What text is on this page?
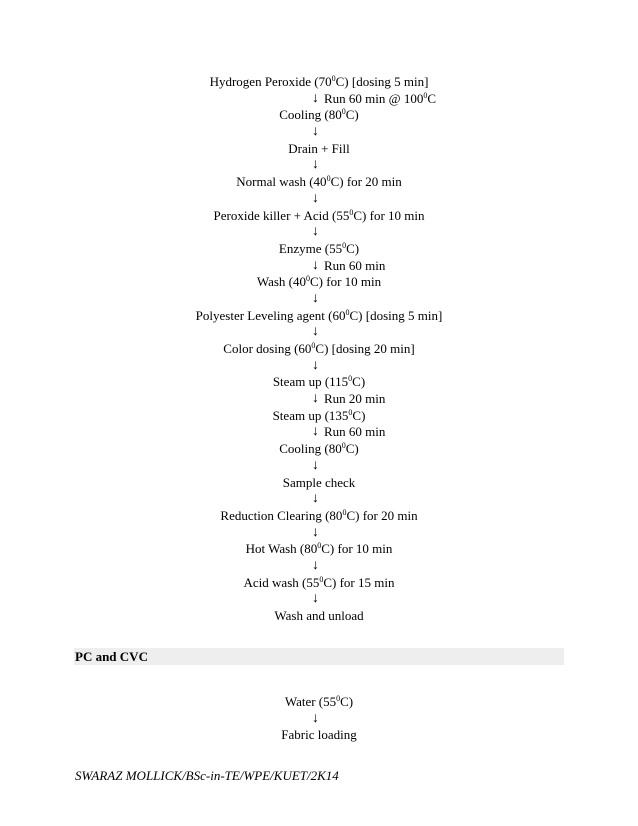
Hydrogen Peroxide $(70^0C)$ [dosing 5 min]
↓ Run 60 min @ $100^0C$
Cooling $(80^0C)$
↓
Drain + Fill
↓
Normal wash $(40^0C)$ for 20 min
↓
Peroxide killer + Acid $(55^0C)$ for 10 min
↓
Enzyme $(55^0C)$
↓ Run 60 min
Wash $(40^0C)$ for 10 min
↓
Polyester Leveling agent $(60^0C)$ [dosing 5 min]
↓
Color dosing $(60^0C)$ [dosing 20 min]
↓
Steam up $(115^0C)$
↓ Run 20 min
Steam up $(135^0C)$
↓ Run 60 min
Cooling $(80^0C)$
↓
Sample check
↓
Reduction Clearing $(80^0C)$ for 20 min
↓
Hot Wash $(80^0C)$ for 10 min
↓
Acid wash $(55^0C)$ for 15 min
↓
Wash and unload
PC and CVC
Water $(55^0C)$
↓
Fabric loading
SWARAZ MOLLICK/BSc-in-TE/WPE/KUET/2K14
